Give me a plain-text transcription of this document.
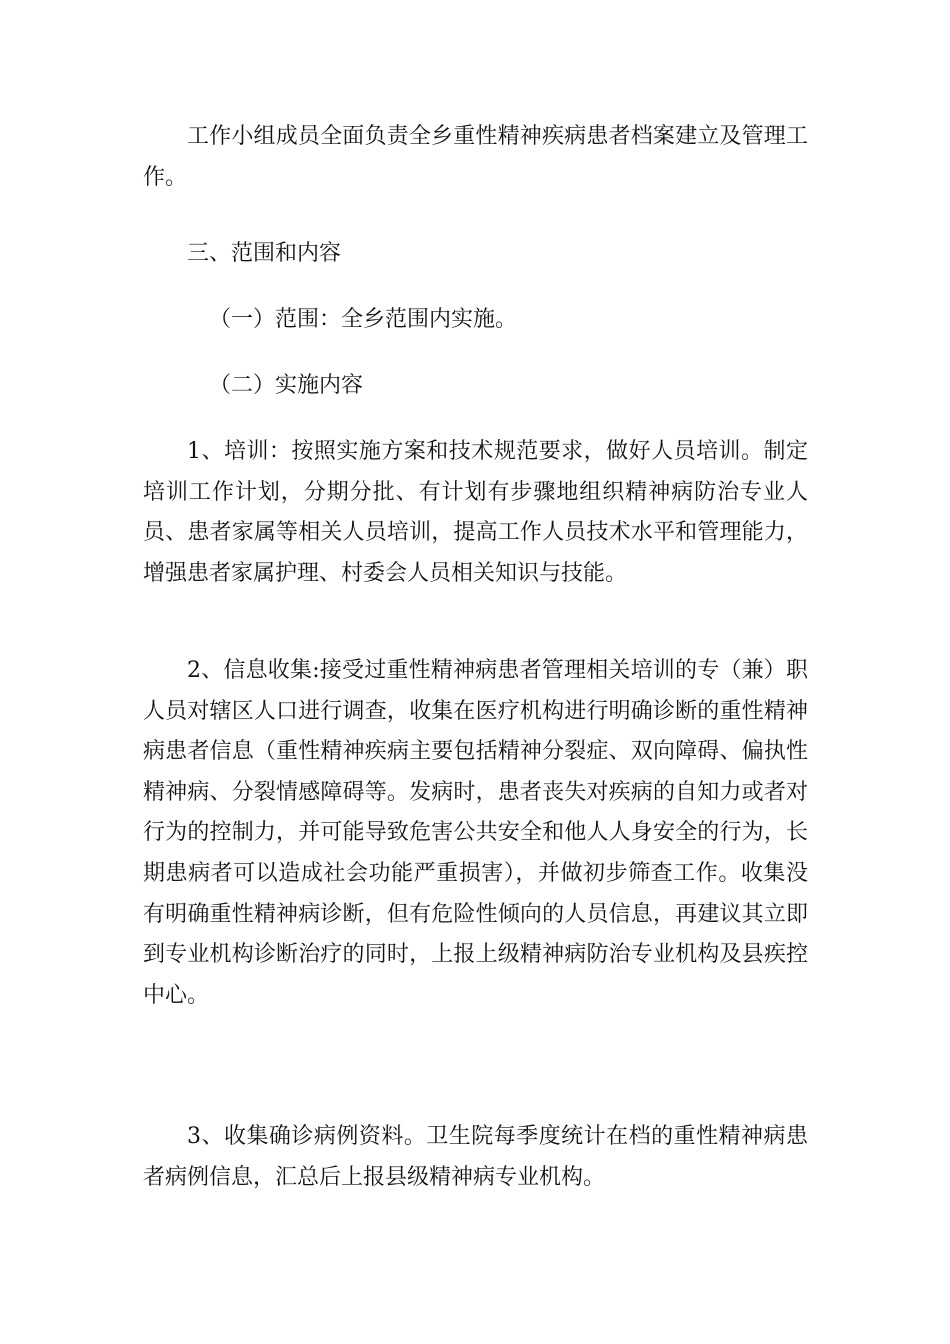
工作小组成员全面负责全乡重性精神疾病患者档案建立及管理工作。

三、范围和内容

（一）范围：全乡范围内实施。

（二）实施内容

1、培训：按照实施方案和技术规范要求，做好人员培训。制定培训工作计划，分期分批、有计划有步骤地组织精神病防治专业人员、患者家属等相关人员培训，提高工作人员技术水平和管理能力，增强患者家属护理、村委会人员相关知识与技能。

2、信息收集:接受过重性精神病患者管理相关培训的专（兼）职人员对辖区人口进行调查，收集在医疗机构进行明确诊断的重性精神病患者信息（重性精神疾病主要包括精神分裂症、双向障碍、偏执性精神病、分裂情感障碍等。发病时，患者丧失对疾病的自知力或者对行为的控制力，并可能导致危害公共安全和他人人身安全的行为，长期患病者可以造成社会功能严重损害），并做初步筛查工作。收集没有明确重性精神病诊断，但有危险性倾向的人员信息，再建议其立即到专业机构诊断治疗的同时，上报上级精神病防治专业机构及县疾控中心。

3、收集确诊病例资料。卫生院每季度统计在档的重性精神病患者病例信息，汇总后上报县级精神病专业机构。
